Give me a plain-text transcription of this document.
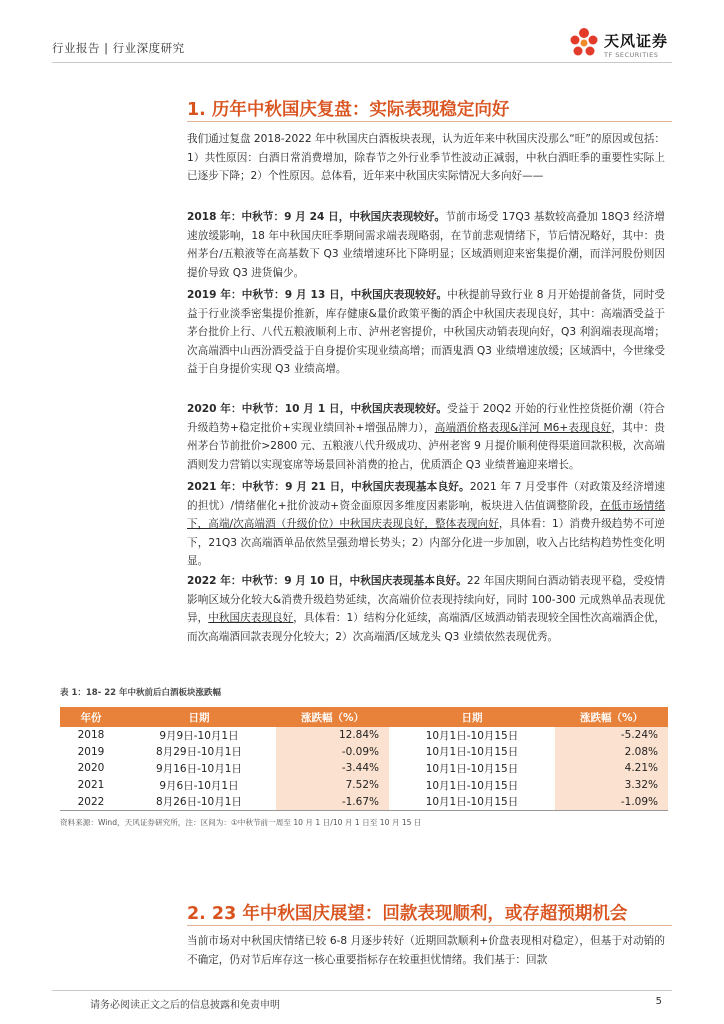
行业报告 | 行业深度研究	天风证券
TF SECURITIES
1. 历年中秋国庆复盘：实际表现稳定向好

我们通过复盘 2018-2022 年中秋国庆白酒板块表现，认为近年来中秋国庆没那么“旺”的原因或包括：1）共性原因：白酒日常消费增加，除春节之外行业季节性波动正减弱，中秋白酒旺季的重要性实际上已逐步下降；2）个性原因。总体看，近年来中秋国庆实际情况大多向好——

2018 年：中秋节：9 月 24 日，中秋国庆表现较好。节前市场受 17Q3 基数较高叠加 18Q3 经济增速放缓影响，18 年中秋国庆旺季期间需求端表现略弱，在节前悲观情绪下，节后情况略好，其中：贵州茅台/五粮液等在高基数下 Q3 业绩增速环比下降明显；区域酒则迎来密集提价潮，而洋河股份则因提价导致 Q3 进货偏少。

2019 年：中秋节：9 月 13 日，中秋国庆表现较好。中秋提前导致行业 8 月开始提前备货，同时受益于行业淡季密集提价推新，库存健康&量价政策平衡的酒企中秋国庆表现良好，其中：高端酒受益于茅台批价上行、八代五粮液顺利上市、泸州老窖提价，中秋国庆动销表现向好，Q3 利润端表现高增；次高端酒中山西汾酒受益于自身提价实现业绩高增；而酒鬼酒 Q3 业绩增速放缓；区域酒中，今世缘受益于自身提价实现 Q3 业绩高增。

2020 年：中秋节：10 月 1 日，中秋国庆表现较好。受益于 20Q2 开始的行业性控货挺价潮（符合升级趋势+稳定批价+实现业绩回补+增强品牌力），高端酒价格表现&洋河 M6+表现良好，其中：贵州茅台节前批价>2800 元、五粮液八代升级成功、泸州老窖 9 月提价顺利使得渠道回款积极，次高端酒则发力营销以实现宴席等场景回补消费的抢占，优质酒企 Q3 业绩普遍迎来增长。

2021 年：中秋节：9 月 21 日，中秋国庆表现基本良好。2021 年 7 月受事件（对政策及经济增速的担忧）/情绪催化+批价波动+资金面原因多维度因素影响，板块进入估值调整阶段，在低市场情绪下，高端/次高端酒（升级价位）中秋国庆表现良好，整体表现向好，具体看：1）消费升级趋势不可逆下，21Q3 次高端酒单品依然呈强劲增长势头；2）内部分化进一步加剧，收入占比结构趋势性变化明显。

2022 年：中秋节：9 月 10 日，中秋国庆表现基本良好。22 年国庆期间白酒动销表现平稳，受疫情影响区域分化较大&消费升级趋势延续，次高端价位表现持续向好，同时 100-300 元成熟单品表现优异，中秋国庆表现良好，具体看：1）结构分化延续，高端酒/区域酒动销表现较全国性次高端酒企优，而次高端酒回款表现分化较大；2）次高端酒/区域龙头 Q3 业绩依然表现优秀。

表 1：18- 22 年中秋前后白酒板块涨跌幅
年份	日期	涨跌幅（%）	日期	涨跌幅（%）
2018	9月9日-10月1日	12.84%	10月1日-10月15日	-5.24%
2019	8月29日-10月1日	-0.09%	10月1日-10月15日	2.08%
2020	9月16日-10月1日	-3.44%	10月1日-10月15日	4.21%
2021	9月6日-10月1日	7.52%	10月1日-10月15日	3.32%
2022	8月26日-10月1日	-1.67%	10月1日-10月15日	-1.09%
资料来源：Wind，天风证券研究所，注：区间为：①中秋节前一周至 10 月 1 日/10 月 1 日至 10 月 15 日
2. 23 年中秋国庆展望：回款表现顺利，或存超预期机会

当前市场对中秋国庆情绪已较 6-8 月逐步转好（近期回款顺利+价盘表现相对稳定），但基于对动销的不确定，仍对节后库存这一核心重要指标存在较重担忧情绪。我们基于：回款

请务必阅读正文之后的信息披露和免责申明	5
